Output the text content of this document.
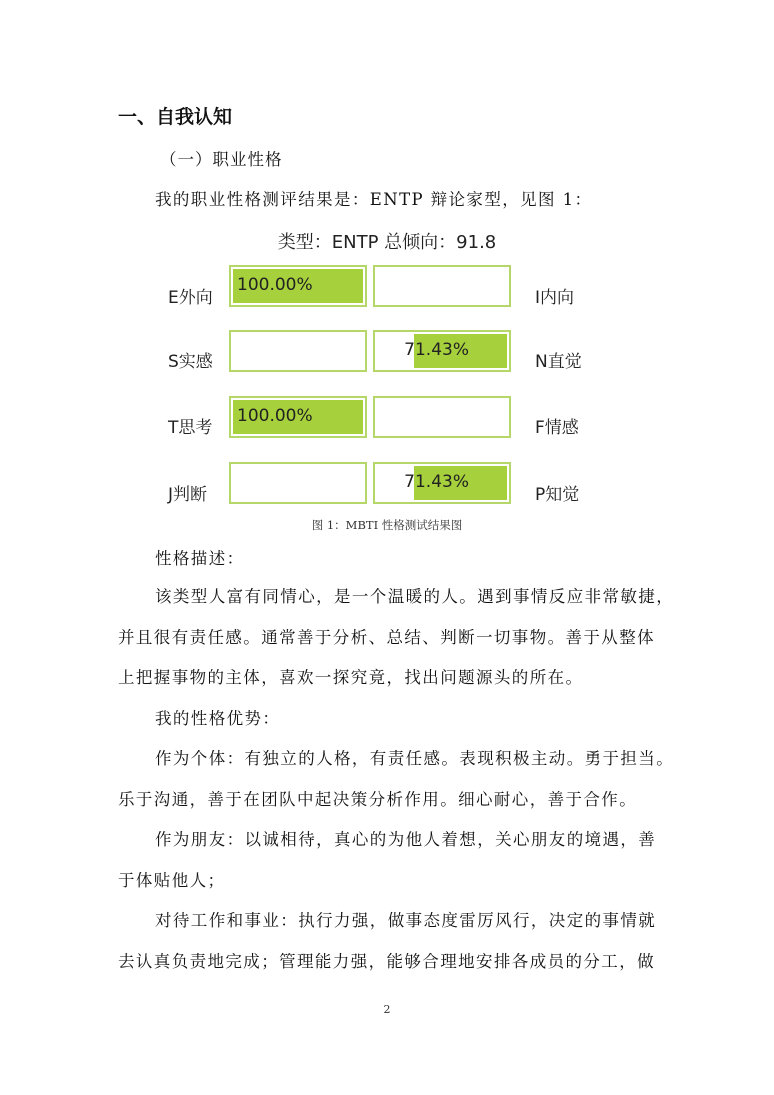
一、自我认知
（一）职业性格
我的职业性格测评结果是：ENTP 辩论家型，见图 1：
类型：ENTP 总倾向：91.8
E外向
100.00%
I内向
S实感
71.43%
N直觉
T思考
100.00%
F情感
J判断
71.43%
P知觉
图 1：MBTI 性格测试结果图
性格描述：
该类型人富有同情心，是一个温暖的人。遇到事情反应非常敏捷，
并且很有责任感。通常善于分析、总结、判断一切事物。善于从整体
上把握事物的主体，喜欢一探究竟，找出问题源头的所在。
我的性格优势：
作为个体：有独立的人格，有责任感。表现积极主动。勇于担当。
乐于沟通，善于在团队中起决策分析作用。细心耐心，善于合作。
作为朋友：以诚相待，真心的为他人着想，关心朋友的境遇，善
于体贴他人；
对待工作和事业：执行力强，做事态度雷厉风行，决定的事情就
去认真负责地完成；管理能力强，能够合理地安排各成员的分工，做
2
